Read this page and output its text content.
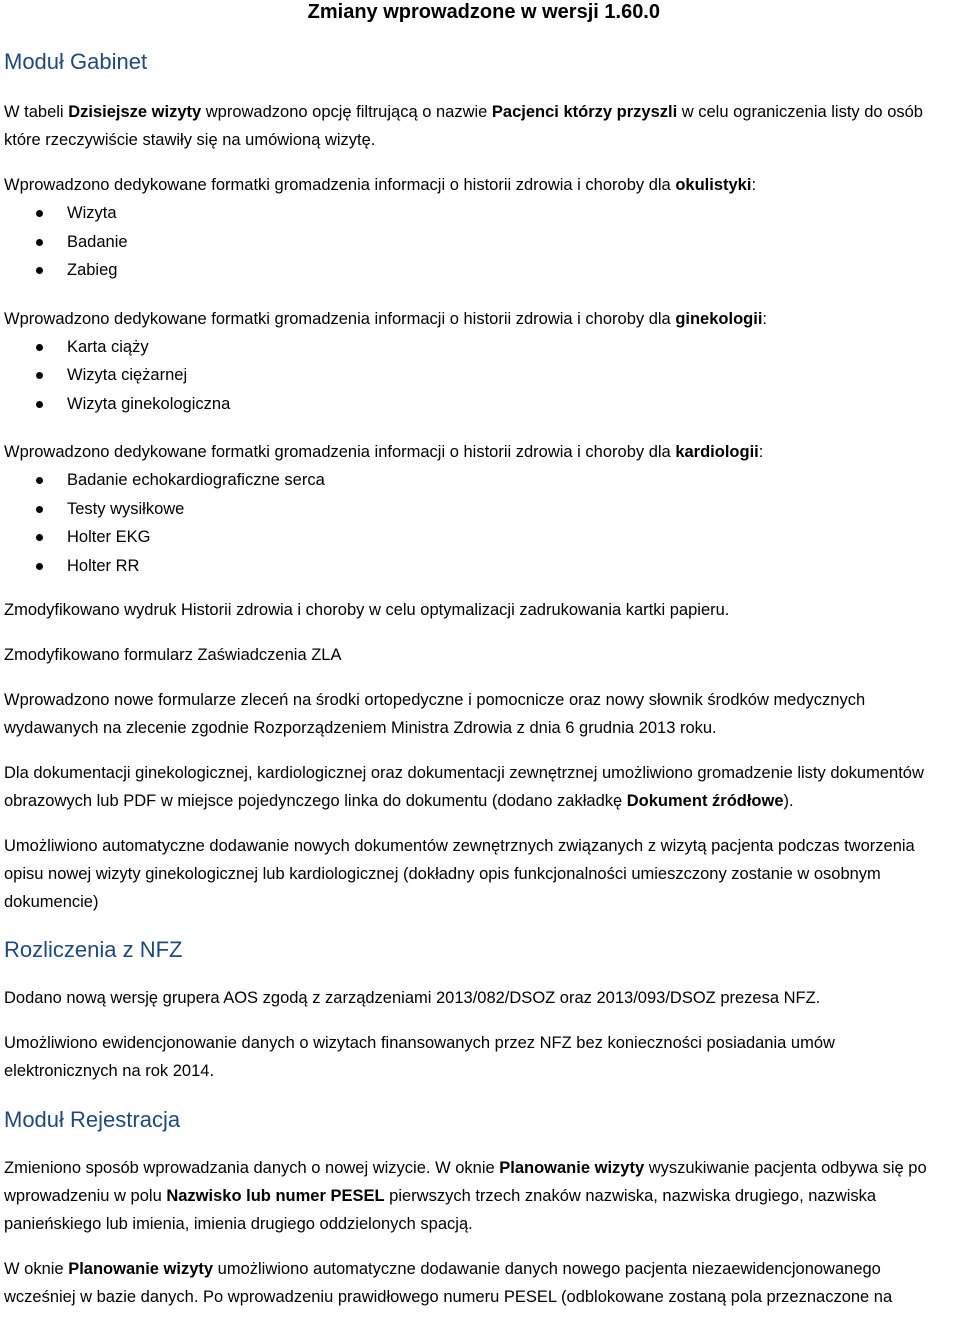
Zmiany wprowadzone w wersji 1.60.0
Moduł Gabinet

W tabeli Dzisiejsze wizyty wprowadzono opcję filtrującą o nazwie Pacjenci którzy przyszli w celu ograniczenia listy do osób które rzeczywiście stawiły się na umówioną wizytę.

Wprowadzono dedykowane formatki gromadzenia informacji o historii zdrowia i choroby dla okulistyki:

Wizyta
Badanie
Zabieg

Wprowadzono dedykowane formatki gromadzenia informacji o historii zdrowia i choroby dla ginekologii:

Karta ciąży
Wizyta ciężarnej
Wizyta ginekologiczna

Wprowadzono dedykowane formatki gromadzenia informacji o historii zdrowia i choroby dla kardiologii:

Badanie echokardiograficzne serca
Testy wysiłkowe
Holter EKG
Holter RR

Zmodyfikowano wydruk Historii zdrowia i choroby w celu optymalizacji zadrukowania kartki papieru.

Zmodyfikowano formularz Zaświadczenia ZLA

Wprowadzono nowe formularze zleceń na środki ortopedyczne i pomocnicze oraz nowy słownik środków medycznych wydawanych na zlecenie zgodnie Rozporządzeniem Ministra Zdrowia z dnia 6 grudnia 2013 roku.

Dla dokumentacji ginekologicznej, kardiologicznej oraz dokumentacji zewnętrznej umożliwiono gromadzenie listy dokumentów obrazowych lub PDF w miejsce pojedynczego linka do dokumentu (dodano zakładkę Dokument źródłowe).

Umożliwiono automatyczne dodawanie nowych dokumentów zewnętrznych związanych z wizytą pacjenta podczas tworzenia opisu nowej wizyty ginekologicznej lub kardiologicznej (dokładny opis funkcjonalności umieszczony zostanie w osobnym dokumencie)

Rozliczenia z NFZ

Dodano nową wersję grupera AOS zgodą z zarządzeniami 2013/082/DSOZ oraz 2013/093/DSOZ prezesa NFZ.

Umożliwiono ewidencjonowanie danych o wizytach finansowanych przez NFZ bez konieczności posiadania umów elektronicznych na rok 2014.

Moduł Rejestracja

Zmieniono sposób wprowadzania danych o nowej wizycie. W oknie Planowanie wizyty wyszukiwanie pacjenta odbywa się po wprowadzeniu w polu Nazwisko lub numer PESEL pierwszych trzech znaków nazwiska, nazwiska drugiego, nazwiska panieńskiego lub imienia, imienia drugiego oddzielonych spacją.

W oknie Planowanie wizyty umożliwiono automatyczne dodawanie danych nowego pacjenta niezaewidencjonowanego wcześniej w bazie danych. Po wprowadzeniu prawidłowego numeru PESEL (odblokowane zostaną pola przeznaczone na
